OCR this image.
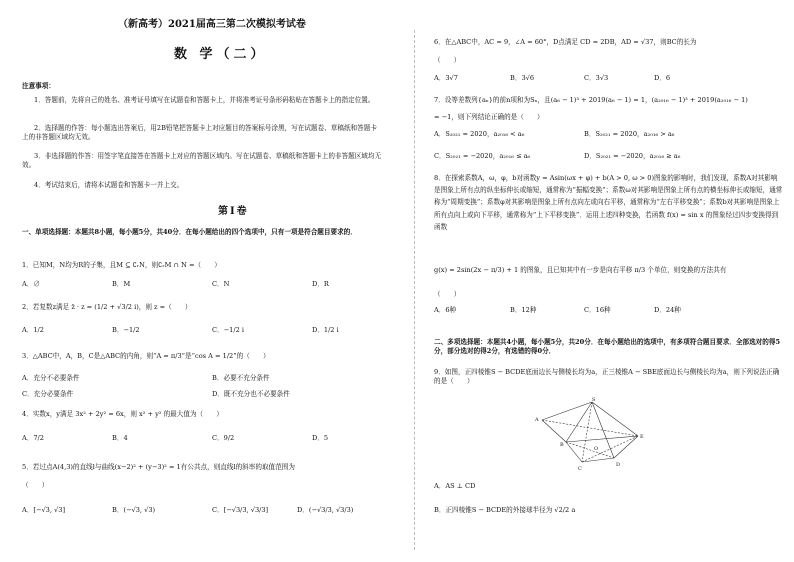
（新高考）2021届高三第二次模拟考试卷
数 学（二）
注意事项：
1．答题前，先将自己的姓名、准考证号填写在试题卷和答题卡上，并将准考证号条形码粘贴在答题卡上的指定位置。
2．选择题的作答：每小题选出答案后，用2B铅笔把答题卡上对应题目的答案标号涂黑，写在试题卷、草稿纸和答题卡上的非答题区域均无效。
3．非选择题的作答：用签字笔直接答在答题卡上对应的答题区域内。写在试题卷、草稿纸和答题卡上的非答题区域均无效。
4．考试结束后，请将本试题卷和答题卡一并上交。
第Ⅰ卷
一、单项选择题：本题共8小题，每小题5分，共40分．在每小题给出的四个选项中，只有一项是符合题目要求的．
1．已知M，N均为R的子集，且M ⊆ ∁ᵣN，则∁ᵣM ∩ N =（　　）
A．∅	B．M	C．N	D．R
2．若复数z满足 z̄ · z = (1/2 + √3/2 i)，则 z =（　　）
A．1/2	B．−1/2	C．−1/2 i	D．1/2 i
3．△ABC中，A，B，C是△ABC的内角，则“A = π/3”是“cos A = 1/2”的（　　）
A．充分不必要条件	B．必要不充分条件
C．充分必要条件	D．既不充分也不必要条件
4．实数x，y满足 3x² + 2y² = 6x，则 x² + y² 的最大值为（　　）
A．7/2	B．4	C．9/2	D．5
5．若过点A(4,3)的直线l与曲线(x−2)² + (y−3)² = 1有公共点，则直线l的斜率的取值范围为
（　　）
A．[−√3, √3]	B．(−√3, √3)	C．[−√3/3, √3/3]	D．(−√3/3, √3/3)
6．在△ABC中，AC = 9，∠A = 60°，D点满足 CD = 2DB，AD = √37，则BC的长为
（　　）
A．3√7	B．3√6	C．3√3	D．6
7．设等差数列{aₙ}的前n项和为Sₙ，且(a₆ − 1)³ + 2019(a₆ − 1) = 1，(a₂₀₁₆ − 1)³ + 2019(a₂₀₁₆ − 1)
= −1，则下列结论正确的是（　　）
A．S₂₀₂₁ = 2020，a₂₀₁₆ < a₆	B．S₂₀₂₁ = 2020，a₂₀₁₆ > a₆
C．S₂₀₂₁ = −2020，a₂₀₁₆ ≤ a₆	D．S₂₀₂₁ = −2020，a₂₀₁₆ ≥ a₆
8．在探索系数A，ω，φ，b对函数y = Asin(ωx + φ) + b(A > 0, ω > 0)图象的影响时，我们发现，系数A对其影响是图象上所有点的纵坐标伸长或缩短，通常称为“振幅变换”；系数ω对其影响是图象上所有点的横坐标伸长或缩短，通常称为“周期变换”；系数φ对其影响是图象上所有点向左或向右平移，通常称为“左右平移变换”；系数b对其影响是图象上所有点向上或向下平移，通常称为“上下平移变换”．运用上述四种变换，若函数 f(x) = sin x 的图象经过四步变换得到函数
g(x) = 2sin(2x − π/3) + 1 的图象，且已知其中有一步是向右平移 π/3 个单位，则变换的方法共有
（　　）
A．6种	B．12种	C．16种	D．24种
二、多项选择题：本题共4小题，每小题5分，共20分．在每小题给出的选项中，有多项符合题目要求．全部选对的得5分，部分选对的得2分，有选错的得0分．
9．如图，正四棱锥S − BCDE底面边长与侧棱长均为a，正三棱锥A − SBE底面边长与侧棱长均为a，则下列说法正确的是（　　）
S
A
B
C
D
E
O
A．AS ⊥ CD
B．正四棱锥S − BCDE的外接球半径为 √2/2 a
